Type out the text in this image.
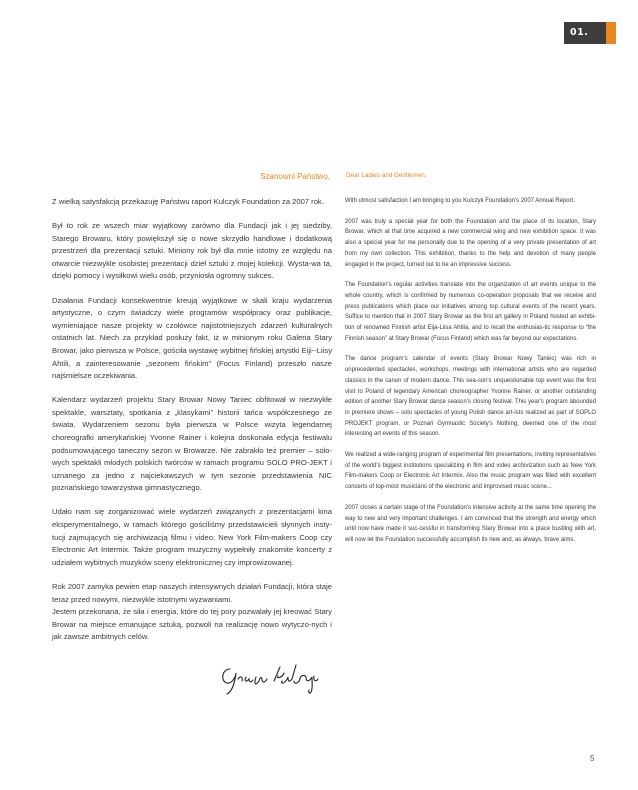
01.
Szanowni Państwo,	Dear Ladies and Gentlemen,

Z wielką satysfakcją przekazuję Państwu raport Kulczyk Foundation za 2007 rok.

Był to rok ze wszech miar wyjątkowy zarówno dla Fundacji jak i jej siedziby, Starego Browaru, który powiększył się o nowe skrzydło handlowe i dodatkową przestrzeń dla prezentacji sztuki. Miniony rok był dla mnie istotny ze względu na otwarcie niezwykle osobistej prezentacji dzieł sztuki z mojej kolekcji. Wysta-wa ta, dzięki pomocy i wysiłkowi wielu osób, przyniosła ogromny sukces.

Działania Fundacji konsekwentnie kreują wyjątkowe w skali kraju wydarzenia artystyczne, o czym świadczy wiele programów współpracy oraz publikacje, wymieniające nasze projekty w czołówce najistotniejszych zdarzeń kulturalnych ostatnich lat. Niech za przykład posłuży fakt, iż w minionym roku Galeria Stary Browar, jako pierwsza w Polsce, gościła wystawę wybitnej fińskiej artystki Eiji--Liisy Ahtili, a zainteresowanie „sezonem fińskim” (Focus Finland) przeszło nasze najśmielsze oczekiwania.

Kalendarz wydarzeń projektu Stary Browar Nowy Taniec obfitował w niezwykłe spektakle, warsztaty, spotkania z „klasykami” historii tańca współczesnego ze świata. Wydarzeniem sezonu była pierwsza w Polsce wizyta legendarnej choreografki amerykańskiej Yvonne Rainer i kolejna doskonała edycja festiwalu podsumowującego taneczny sezon w Browarze. Nie zabrakło też premier – solo-wych spektakli młodych polskich twórców w ramach programu SOLO PRO-JEKT i uznanego za jedno z najciekawszych w tym sezonie przedstawienia NIC poznańskiego towarzystwa gimnastycznego.

Udało nam się zorganizować wiele wydarzeń związanych z prezentacjami kina eksperymentalnego, w ramach którego gościliśmy przedstawicieli słynnych insty-tucji zajmujących się archiwizacją filmu i video: New York Film-makers Coop czy Electronic Art Intermix. Także program muzyczny wypełniły znakomite koncerty z udziałem wybitnych muzyków sceny elektronicznej czy improwizowanej.

Rok 2007 zamyka pewien etap naszych intensywnych działań Fundacji, która staje teraz przed nowymi, niezwykle istotnymi wyzwaniami.
Jestem przekonana, że siła i energia, które do tej pory pozwalały jej kreować Stary Browar na miejsce emanujące sztuką, pozwoli na realizację nowo wytyczo-nych i jak zawsze ambitnych celów.

With utmost satisfaction I am bringing to you Kulczyk Foundation's 2007 Annual Report.

2007 was truly a special year for both the Foundation and the place of its location, Stary Browar, which at that time acquired a new commercial wing and new exhibition space. It was also a special year for me personally due to the opening of a very private presentation of art from my own collection. This exhibition, thanks to the help and devotion of many people engaged in the project, turned out to be an impressive success.

The Foundation's regular activities translate into the organization of art events unique to the whole country, which is confirmed by numerous co-operation proposals that we receive and press publications which place our initiatives among top cultural events of the recent years. Suffice to mention that in 2007 Stary Browar as the first art gallery in Poland hosted an exhibi-tion of renowned Finnish artist Eija-Liisa Ahtila, and to recall the enthusias-tic response to “the Finnish season” at Stary Browar (Focus Finland) which was far beyond our expectations.

The dance program's calendar of events (Stary Browar Nowy Taniec) was rich in unprecedented spectacles, workshops, meetings with international artists who are regarded classics in the canon of modern dance. This sea-son's unquestionable top event was the first visit to Poland of legendary American choreographer Yvonne Rainer, or another outstanding edition of another Stary Browar dance season's closing festival. This year's program abounded in premiere shows – solo spectacles of young Polish dance art-ists realized as part of SOPLO PROJEKT program, or Poznań Gymnastic Society's Nothing, deemed one of the most interesting art events of this season.

We realized a wide-ranging program of experimental film presentations, inviting representatives of the world's biggest institutions specializing in film and video archivization such as New York Film-makers Coop or Electronic Art Intermix. Also the music program was filled with excellent concerts of top-most musicians of the electronic and improvised music scene...

2007 closes a certain stage of the Foundation's intensive activity at the same time opening the way to new and very important challenges. I am convinced that the strength and energy which until now have made it suc-cessful in transforming Stary Browar into a place bustling with art, will now let the Foundation successfully accomplish its new and, as always, brave aims.

5
